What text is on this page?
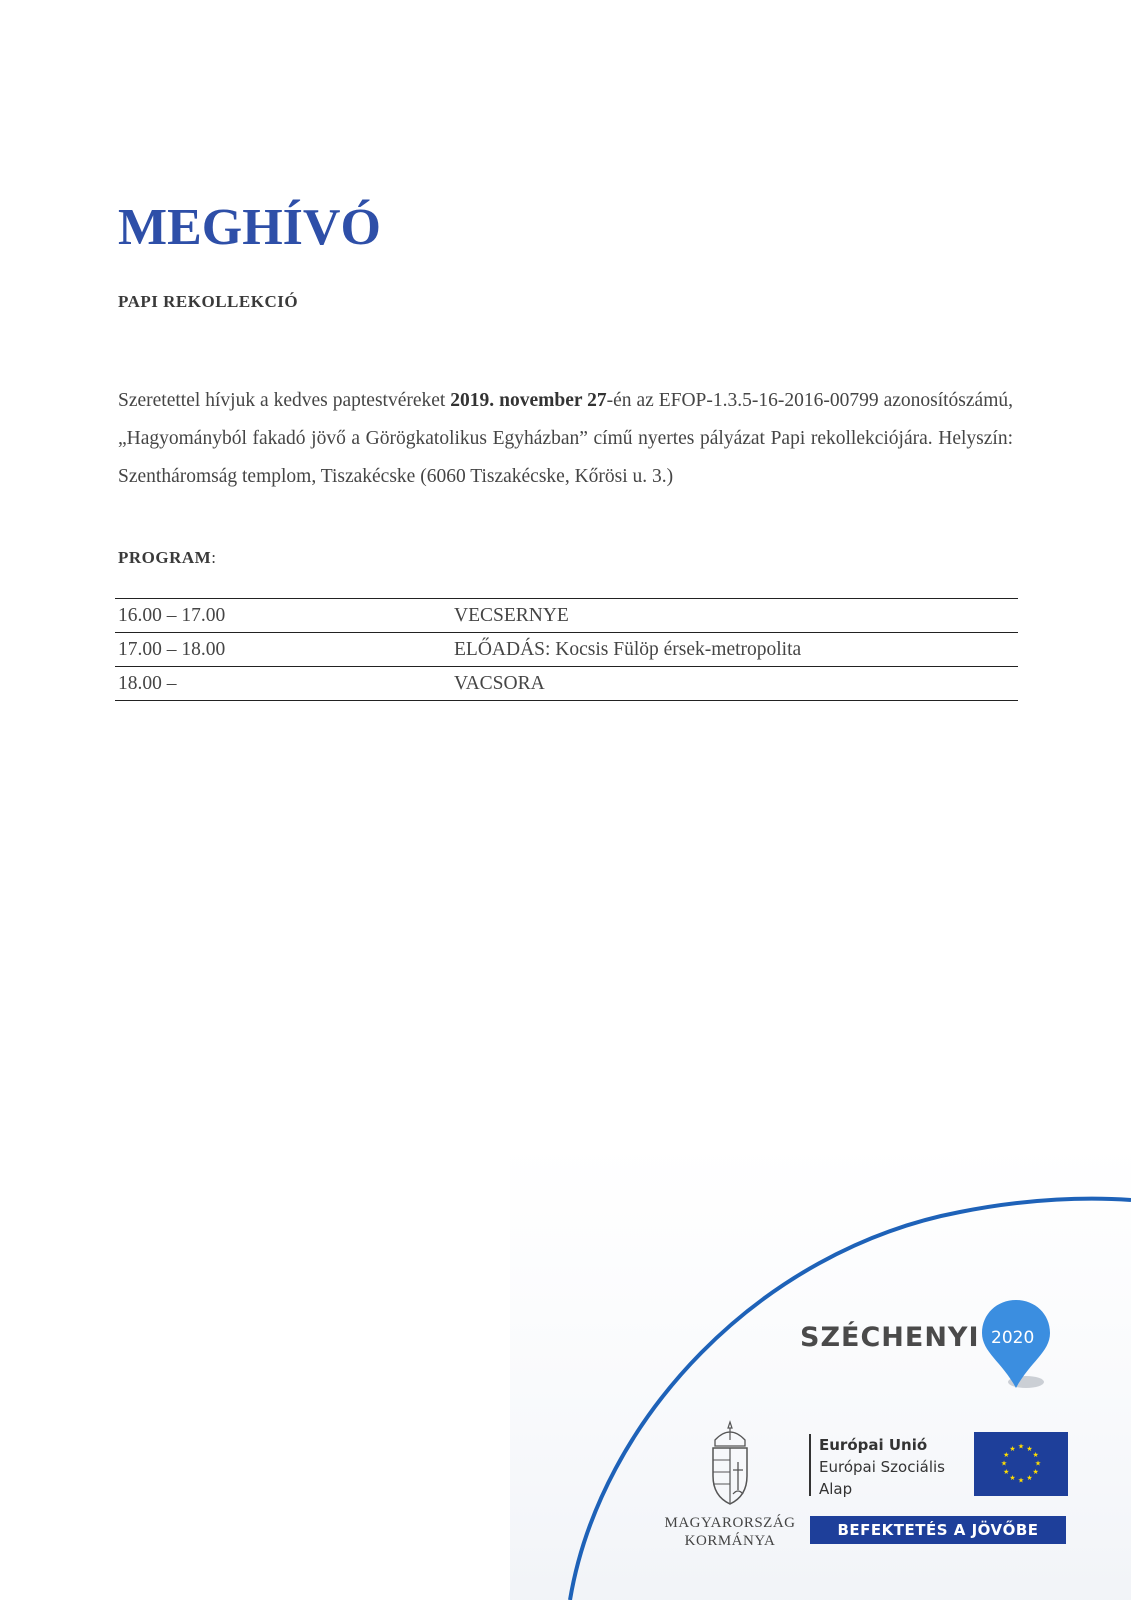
MEGHÍVÓ
PAPI REKOLLEKCIÓ
Szeretettel hívjuk a kedves paptestvéreket 2019. november 27-én az EFOP-1.3.5-16-2016-00799 azonosítószámú, „Hagyományból fakadó jövő a Görögkatolikus Egyházban” című nyertes pályázat Papi rekollekciójára. Helyszín: Szentháromság templom, Tiszakécske (6060 Tiszakécske, Kőrösi u. 3.)
PROGRAM:
16.00 – 17.00	VECSERNYE
17.00 – 18.00	ELŐADÁS: Kocsis Fülöp érsek-metropolita
18.00 –	VACSORA
SZÉCHENYI 2020
MAGYARORSZÁG
KORMÁNYA
Európai Unió
Európai Szociális
Alap
★ ★
★
★
★
★
★
★
★
★
★
★
BEFEKTETÉS A JÖVŐBE
